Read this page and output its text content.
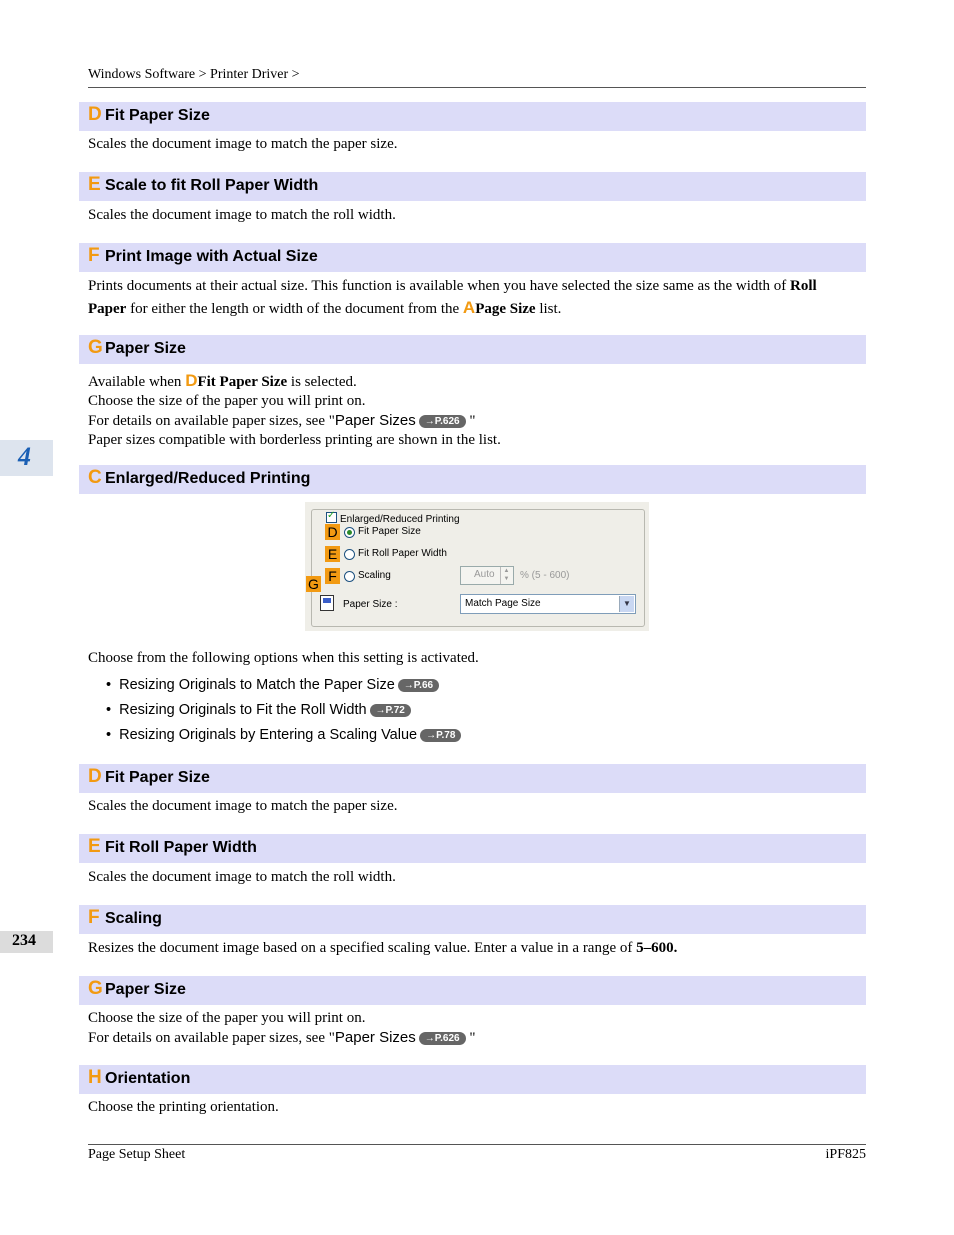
Windows Software > Printer Driver >
4
234
D Fit Paper Size
Scales the document image to match the paper size.
E Scale to fit Roll Paper Width
Scales the document image to match the roll width.
F Print Image with Actual Size
Prints documents at their actual size. This function is available when you have selected the size same as the width of Roll Paper for either the length or width of the document from the APage Size list.
G Paper Size
Available when DFit Paper Size is selected.
Choose the size of the paper you will print on.
For details on available paper sizes, see "Paper Sizes →P.626 "
Paper sizes compatible with borderless printing are shown in the list.
C Enlarged/Reduced Printing
✓Enlarged/Reduced Printing
D Fit Paper Size
E Fit Roll Paper Width
F	Scaling	Auto	▲
▼ % (5 - 600)
G
Paper Size :	Match Page Size	▼
Choose from the following options when this setting is activated.
•  Resizing Originals to Match the Paper Size →P.66
•  Resizing Originals to Fit the Roll Width →P.72
•  Resizing Originals by Entering a Scaling Value →P.78
D Fit Paper Size
Scales the document image to match the paper size.
E Fit Roll Paper Width
Scales the document image to match the roll width.
F Scaling
Resizes the document image based on a specified scaling value. Enter a value in a range of 5–600.
G Paper Size
Choose the size of the paper you will print on.
For details on available paper sizes, see "Paper Sizes →P.626 "
H Orientation
Choose the printing orientation.
Page Setup Sheet	iPF825
